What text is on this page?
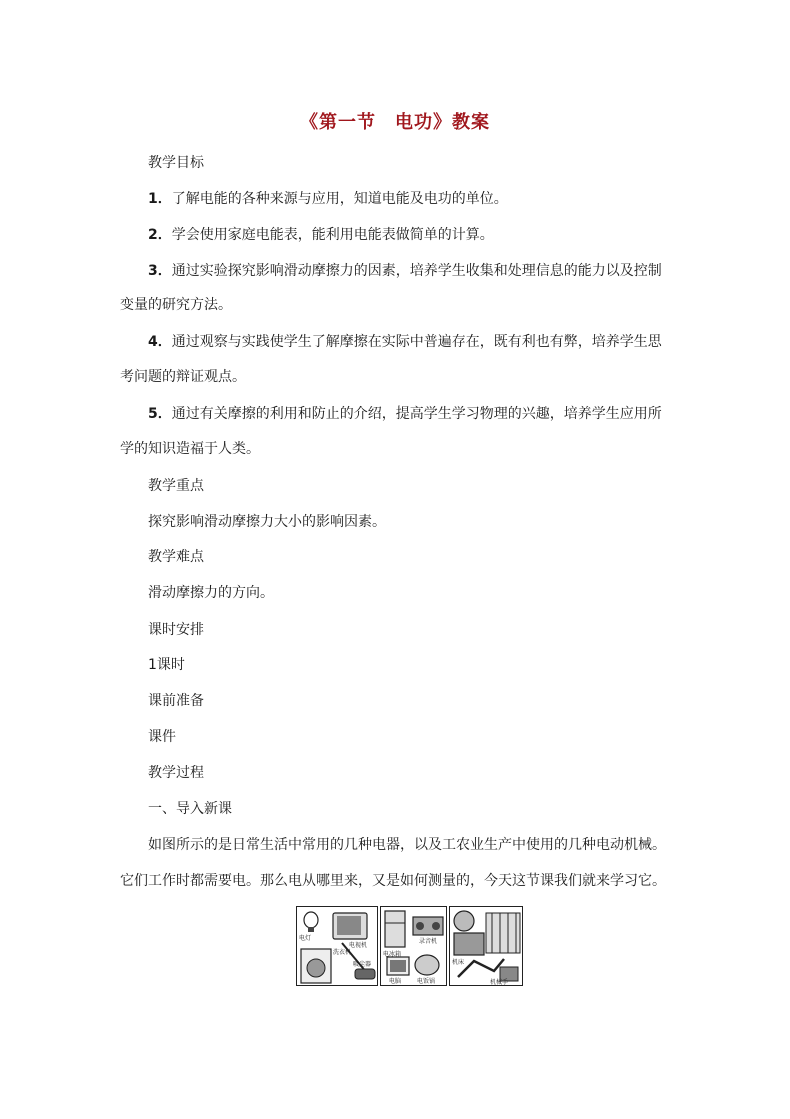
《第一节　电功》教案
教学目标
1．了解电能的各种来源与应用，知道电能及电功的单位。
2．学会使用家庭电能表，能利用电能表做简单的计算。
3．通过实验探究影响滑动摩擦力的因素，培养学生收集和处理信息的能力以及控制
变量的研究方法。
4．通过观察与实践使学生了解摩擦在实际中普遍存在，既有利也有弊，培养学生思
考问题的辩证观点。
5．通过有关摩擦的利用和防止的介绍，提高学生学习物理的兴趣，培养学生应用所
学的知识造福于人类。
教学重点
探究影响滑动摩擦力大小的影响因素。
教学难点
滑动摩擦力的方向。
课时安排
1课时
课前准备
课件
教学过程
一、导入新课
如图所示的是日常生活中常用的几种电器，以及工农业生产中使用的几种电动机械。
它们工作时都需要电。那么电从哪里来，又是如何测量的，今天这节课我们就来学习它。
电灯
电视机
洗衣机
吸尘器
电冰箱
录音机
电饭锅
电脑
机床
机械手
